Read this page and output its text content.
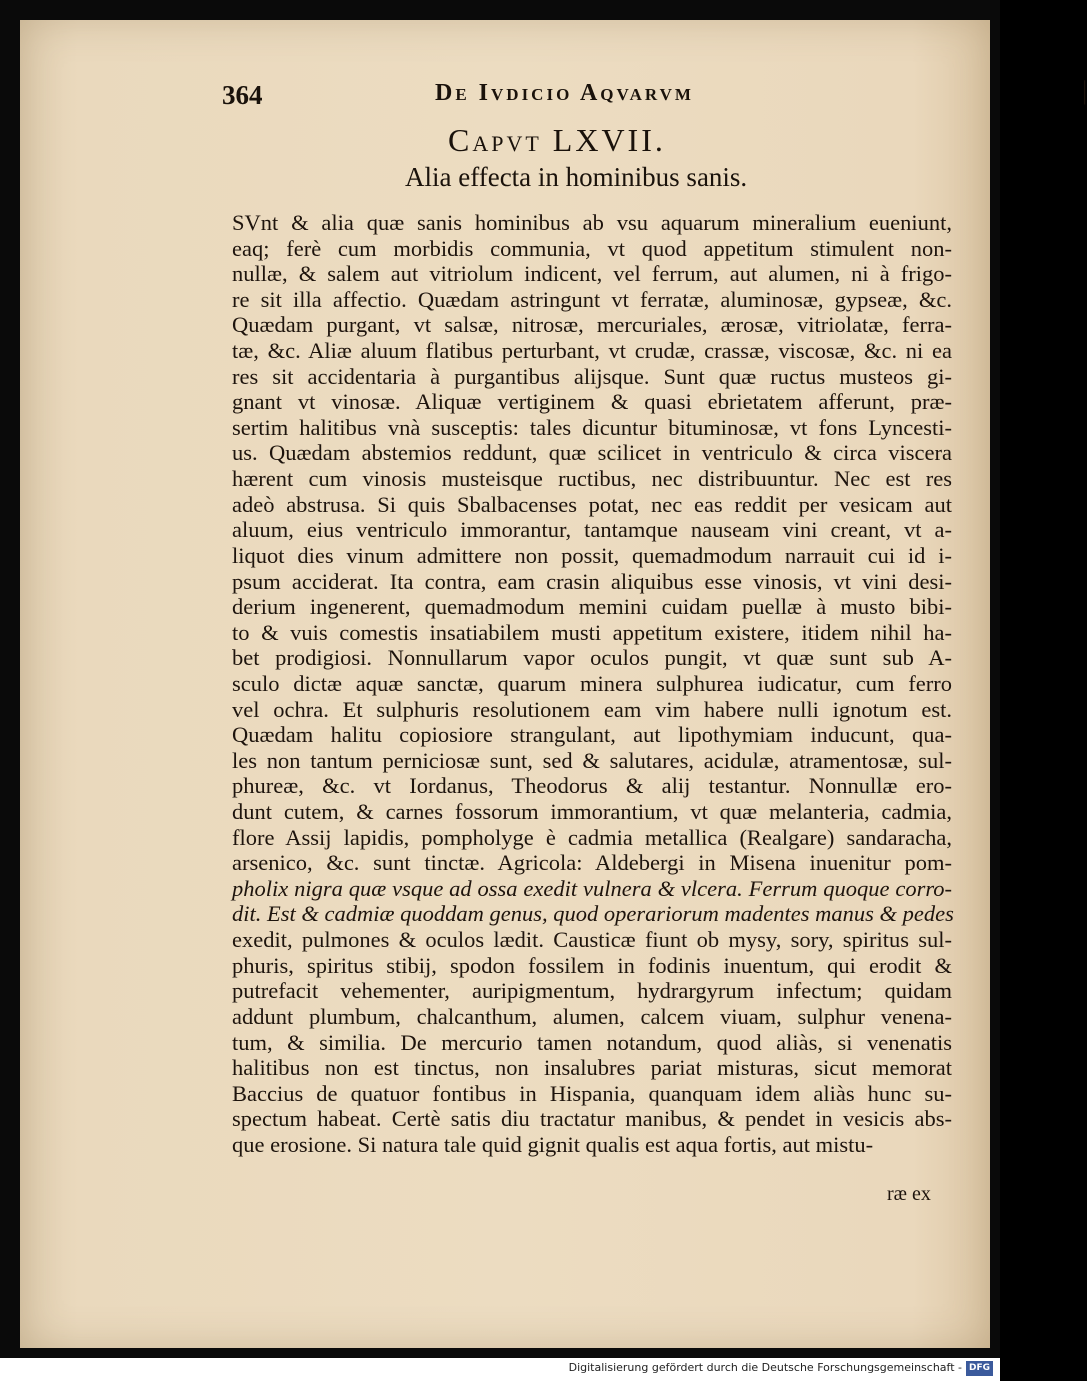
364	De Ivdicio Aqvarvm	|
Capvt LXVII.
Alia effecta in hominibus sanis.
SVnt & alia quæ sanis hominibus ab vsu aquarum mineralium eueniunt,
eaq; ferè cum morbidis communia, vt quod appetitum stimulent non-
nullæ, & salem aut vitriolum indicent, vel ferrum, aut alumen, ni à frigo-
re sit illa affectio. Quædam astringunt vt ferratæ, aluminosæ, gypseæ, &c.
Quædam purgant, vt salsæ, nitrosæ, mercuriales, ærosæ, vitriolatæ, ferra-
tæ, &c. Aliæ aluum flatibus perturbant, vt crudæ, crassæ, viscosæ, &c. ni ea
res sit accidentaria à purgantibus alijsque. Sunt quæ ructus musteos gi-
gnant vt vinosæ. Aliquæ vertiginem & quasi ebrietatem afferunt, præ-
sertim halitibus vnà susceptis: tales dicuntur bituminosæ, vt fons Lyncesti-
us. Quædam abstemios reddunt, quæ scilicet in ventriculo & circa viscera
hærent cum vinosis musteisque ructibus, nec distribuuntur. Nec est res
adeò abstrusa. Si quis Sbalbacenses potat, nec eas reddit per vesicam aut
aluum, eius ventriculo immorantur, tantamque nauseam vini creant, vt a-
liquot dies vinum admittere non possit, quemadmodum narrauit cui id i-
psum acciderat. Ita contra, eam crasin aliquibus esse vinosis, vt vini desi-
derium ingenerent, quemadmodum memini cuidam puellæ à musto bibi-
to & vuis comestis insatiabilem musti appetitum existere, itidem nihil ha-
bet prodigiosi. Nonnullarum vapor oculos pungit, vt quæ sunt sub A-
sculo dictæ aquæ sanctæ, quarum minera sulphurea iudicatur, cum ferro
vel ochra. Et sulphuris resolutionem eam vim habere nulli ignotum est.
Quædam halitu copiosiore strangulant, aut lipothymiam inducunt, qua-
les non tantum perniciosæ sunt, sed & salutares, acidulæ, atramentosæ, sul-
phureæ, &c. vt Iordanus, Theodorus & alij testantur. Nonnullæ ero-
dunt cutem, & carnes fossorum immorantium, vt quæ melanteria, cadmia,
flore Assij lapidis, pompholyge è cadmia metallica (Realgare) sandaracha,
arsenico, &c. sunt tinctæ. Agricola: Aldebergi in Misena inuenitur pom-
pholix nigra quæ vsque ad ossa exedit vulnera & vlcera. Ferrum quoque corro-
dit. Est & cadmiæ quoddam genus, quod operariorum madentes manus & pedes
exedit, pulmones & oculos lædit. Causticæ fiunt ob mysy, sory, spiritus sul-
phuris, spiritus stibij, spodon fossilem in fodinis inuentum, qui erodit &
putrefacit vehementer, auripigmentum, hydrargyrum infectum; quidam
addunt plumbum, chalcanthum, alumen, calcem viuam, sulphur venena-
tum, & similia. De mercurio tamen notandum, quod aliàs, si venenatis
halitibus non est tinctus, non insalubres pariat misturas, sicut memorat
Baccius de quatuor fontibus in Hispania, quanquam idem aliàs hunc su-
spectum habeat. Certè satis diu tractatur manibus, & pendet in vesicis abs-
que erosione. Si natura tale quid gignit qualis est aqua fortis, aut mistu-
ræ ex
Digitalisierung gefördert durch die Deutsche Forschungsgemeinschaft - DFG
